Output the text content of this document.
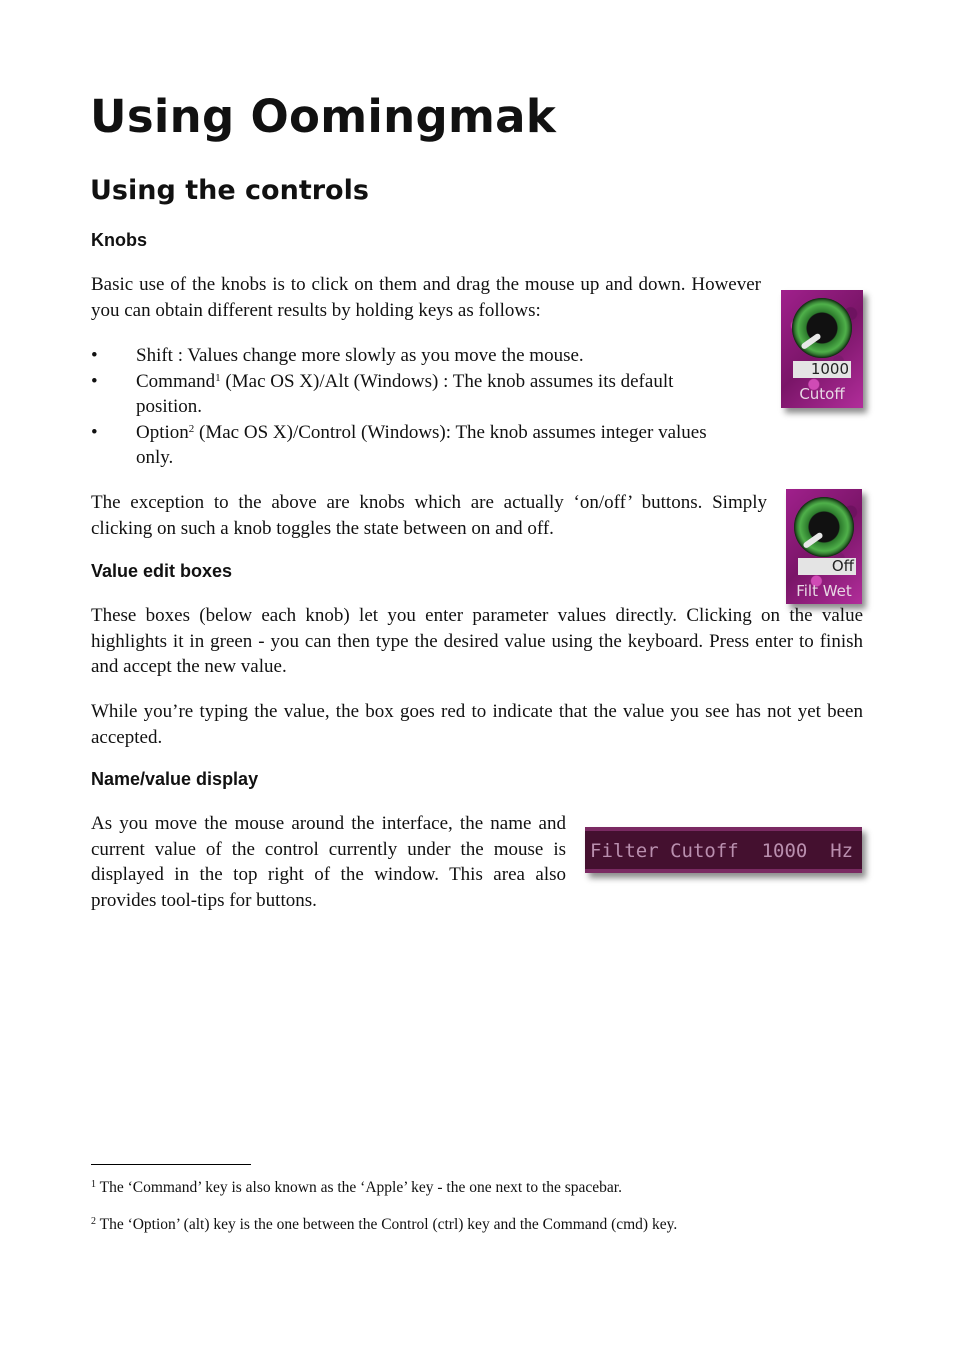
Using Oomingmak
Using the controls
Knobs

Basic use of the knobs is to click on them and drag the mouse up and down. However you can obtain different results by holding keys as follows:

• Shift : Values change more slowly as you move the mouse.
• Command$^1$ (Mac OS X)/Alt (Windows) : The knob assumes its default position.
• Option$^2$ (Mac OS X)/Control (Windows): The knob assumes integer values only.

The exception to the above are knobs which are actually ‘on/off’ buttons. Simply clicking on such a knob toggles the state between on and off.

1000
Cutoff
Off
Filt Wet
Value edit boxes

These boxes (below each knob) let you enter parameter values directly. Clicking on the value highlights it in green - you can then type the desired value using the keyboard. Press enter to finish and accept the new value.

While you’re typing the value, the box goes red to indicate that the value you see has not yet been accepted.

Name/value display

As you move the mouse around the interface, the name and current value of the control currently under the mouse is displayed in the top right of the window. This area also provides tool-tips for buttons.

Filter Cutoff  1000  Hz
$^1$ The ‘Command’ key is also known as the ‘Apple’ key - the one next to the spacebar.
$^2$ The ‘Option’ (alt) key is the one between the Control (ctrl) key and the Command (cmd) key.
